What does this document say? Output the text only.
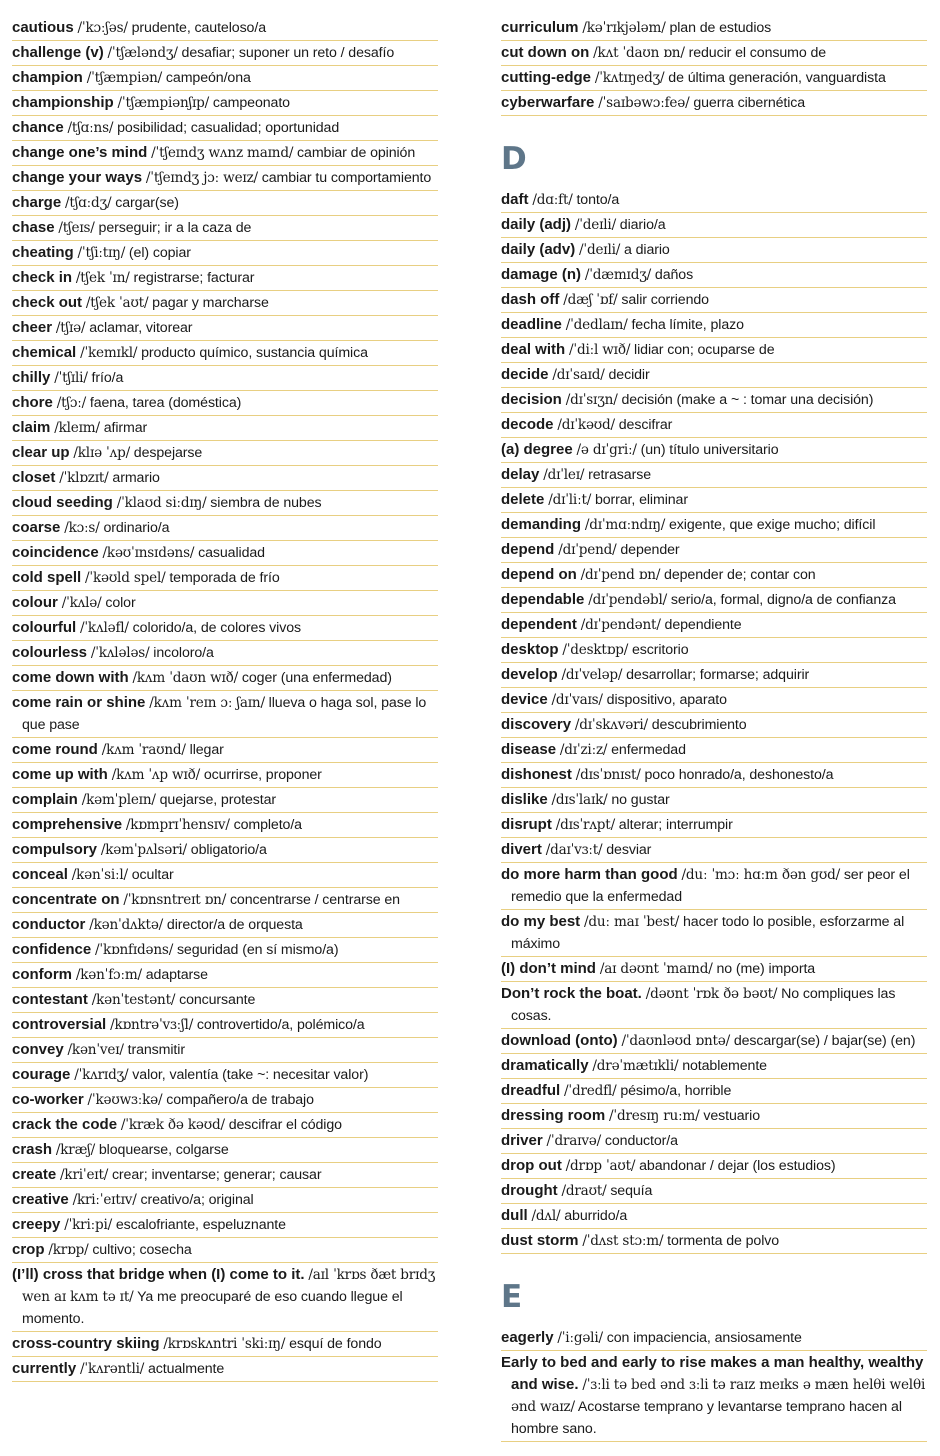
cautious /ˈkɔːʃəs/ prudente, cauteloso/a
challenge (v) /ˈtʃæləndʒ/ desafiar; suponer un reto / desafío
champion /ˈtʃæmpiən/ campeón/ona
championship /ˈtʃæmpiənʃɪp/ campeonato
chance /tʃɑːns/ posibilidad; casualidad; oportunidad
change one’s mind /ˈtʃeɪndʒ wʌnz maɪnd/ cambiar de opinión
change your ways /ˈtʃeɪndʒ jɔː weɪz/ cambiar tu comportamiento
charge /tʃɑːdʒ/ cargar(se)
chase /tʃeɪs/ perseguir; ir a la caza de
cheating /ˈtʃiːtɪŋ/ (el) copiar
check in /tʃek ˈɪn/ registrarse; facturar
check out /tʃek ˈaʊt/ pagar y marcharse
cheer /tʃɪə/ aclamar, vitorear
chemical /ˈkemɪkl/ producto químico, sustancia química
chilly /ˈtʃɪli/ frío/a
chore /tʃɔː/ faena, tarea (doméstica)
claim /kleɪm/ afirmar
clear up /klɪə ˈʌp/ despejarse
closet /ˈklɒzɪt/ armario
cloud seeding /ˈklaʊd siːdɪŋ/ siembra de nubes
coarse /kɔːs/ ordinario/a
coincidence /kəʊˈɪnsɪdəns/ casualidad
cold spell /ˈkəʊld spel/ temporada de frío
colour /ˈkʌlə/ color
colourful /ˈkʌləfl/ colorido/a, de colores vivos
colourless /ˈkʌlələs/ incoloro/a
come down with /kʌm ˈdaʊn wɪð/ coger (una enfermedad)
come rain or shine /kʌm ˈreɪn ɔː ʃaɪn/ llueva o haga sol, pase lo que pase
come round /kʌm ˈraʊnd/ llegar
come up with /kʌm ˈʌp wɪð/ ocurrirse, proponer
complain /kəmˈpleɪn/ quejarse, protestar
comprehensive /kɒmprɪˈhensɪv/ completo/a
compulsory /kəmˈpʌlsəri/ obligatorio/a
conceal /kənˈsiːl/ ocultar
concentrate on /ˈkɒnsntreɪt ɒn/ concentrarse / centrarse en
conductor /kənˈdʌktə/ director/a de orquesta
confidence /ˈkɒnfɪdəns/ seguridad (en sí mismo/a)
conform /kənˈfɔːm/ adaptarse
contestant /kənˈtestənt/ concursante
controversial /kɒntrəˈvɜːʃl/ controvertido/a, polémico/a
convey /kənˈveɪ/ transmitir
courage /ˈkʌrɪdʒ/ valor, valentía (take ~: necesitar valor)
co-worker /ˈkəʊwɜːkə/ compañero/a de trabajo
crack the code /ˈkræk ðə kəʊd/ descifrar el código
crash /kræʃ/ bloquearse, colgarse
create /kriˈeɪt/ crear; inventarse; generar; causar
creative /kriːˈeɪtɪv/ creativo/a; original
creepy /ˈkriːpi/ escalofriante, espeluznante
crop /krɒp/ cultivo; cosecha
(I’ll) cross that bridge when (I) come to it. /aɪl ˈkrɒs ðæt brɪdʒ wen aɪ kʌm tə ɪt/ Ya me preocuparé de eso cuando llegue el momento.
cross-country skiing /krɒskʌntri ˈskiːɪŋ/ esquí de fondo
currently /ˈkʌrəntli/ actualmente
curriculum /kəˈrɪkjələm/ plan de estudios
cut down on /kʌt ˈdaʊn ɒn/ reducir el consumo de
cutting-edge /ˈkʌtɪŋedʒ/ de última generación, vanguardista
cyberwarfare /ˈsaɪbəwɔːfeə/ guerra cibernética
D
daft /dɑːft/ tonto/a
daily (adj) /ˈdeɪli/ diario/a
daily (adv) /ˈdeɪli/ a diario
damage (n) /ˈdæmɪdʒ/ daños
dash off /dæʃ ˈɒf/ salir corriendo
deadline /ˈdedlaɪn/ fecha límite, plazo
deal with /ˈdiːl wɪð/ lidiar con; ocuparse de
decide /dɪˈsaɪd/ decidir
decision /dɪˈsɪʒn/ decisión (make a ~ : tomar una decisión)
decode /dɪˈkəʊd/ descifrar
(a) degree /ə dɪˈgriː/ (un) título universitario
delay /dɪˈleɪ/ retrasarse
delete /dɪˈliːt/ borrar, eliminar
demanding /dɪˈmɑːndɪŋ/ exigente, que exige mucho; difícil
depend /dɪˈpend/ depender
depend on /dɪˈpend ɒn/ depender de; contar con
dependable /dɪˈpendəbl/ serio/a, formal, digno/a de confianza
dependent /dɪˈpendənt/ dependiente
desktop /ˈdesktɒp/ escritorio
develop /dɪˈveləp/ desarrollar; formarse; adquirir
device /dɪˈvaɪs/ dispositivo, aparato
discovery /dɪˈskʌvəri/ descubrimiento
disease /dɪˈziːz/ enfermedad
dishonest /dɪsˈɒnɪst/ poco honrado/a, deshonesto/a
dislike /dɪsˈlaɪk/ no gustar
disrupt /dɪsˈrʌpt/ alterar; interrumpir
divert /daɪˈvɜːt/ desviar
do more harm than good /duː ˈmɔː hɑːm ðən gʊd/ ser peor el remedio que la enfermedad
do my best /duː maɪ ˈbest/ hacer todo lo posible, esforzarme al máximo
(I) don’t mind /aɪ dəʊnt ˈmaɪnd/ no (me) importa
Don’t rock the boat. /dəʊnt ˈrɒk ðə bəʊt/ No compliques las cosas.
download (onto) /ˈdaʊnləʊd ɒntə/ descargar(se) / bajar(se) (en)
dramatically /drəˈmætɪkli/ notablemente
dreadful /ˈdredfl/ pésimo/a, horrible
dressing room /ˈdresɪŋ ruːm/ vestuario
driver /ˈdraɪvə/ conductor/a
drop out /drɒp ˈaʊt/ abandonar / dejar (los estudios)
drought /draʊt/ sequía
dull /dʌl/ aburrido/a
dust storm /ˈdʌst stɔːm/ tormenta de polvo
E
eagerly /ˈiːgəli/ con impaciencia, ansiosamente
Early to bed and early to rise makes a man healthy, wealthy and wise. /ˈɜːli tə bed ənd ɜːli tə raɪz meɪks ə mæn helθi welθi ənd waɪz/ Acostarse temprano y levantarse temprano hacen al hombre sano.
